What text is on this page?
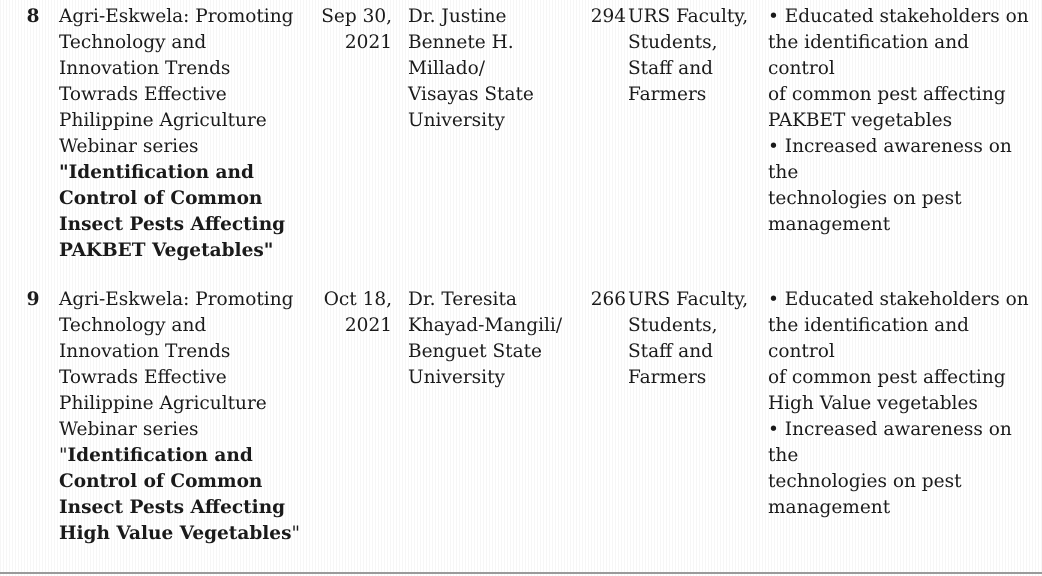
8 Agri-Eskwela: Promoting
Technology and
Innovation Trends
Towrads Effective
Philippine Agriculture
Webinar series
"Identification and
Control of Common
Insect Pests Affecting
PAKBET Vegetables"
Sep 30,
2021
Dr. Justine
Bennete H.
Millado/
Visayas State
University
294 URS Faculty,
Students,
Staff and
Farmers
• Educated stakeholders on
the identification and control
of common pest affecting
PAKBET vegetables
• Increased awareness on the
technologies on pest
management
9 Agri-Eskwela: Promoting
Technology and
Innovation Trends
Towrads Effective
Philippine Agriculture
Webinar series
"Identification and
Control of Common
Insect Pests Affecting
High Value Vegetables"
Oct 18,
2021
Dr. Teresita
Khayad-Mangili/
Benguet State
University
266 URS Faculty,
Students,
Staff and
Farmers
• Educated stakeholders on
the identification and control
of common pest affecting
High Value vegetables
• Increased awareness on the
technologies on pest
management
